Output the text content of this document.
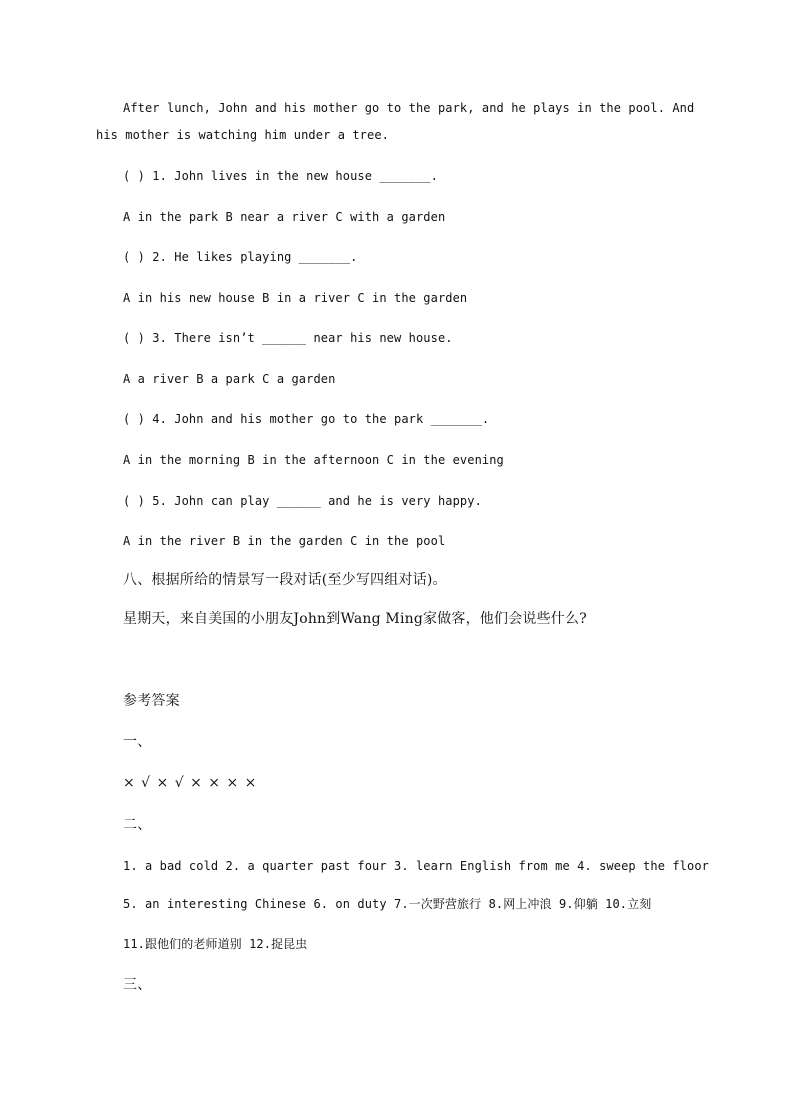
After lunch, John and his mother go to the park, and he plays in the pool. And
his mother is watching him under a tree.
( ) 1. John lives in the new house _______.
A in the park B near a river C with a garden
( ) 2. He likes playing _______.
A in his new house B in a river C in the garden
( ) 3. There isn’t ______ near his new house.
A a river B a park C a garden
( ) 4. John and his mother go to the park _______.
A in the morning B in the afternoon C in the evening
( ) 5. John can play ______ and he is very happy.
A in the river B in the garden C in the pool
八、根据所给的情景写一段对话(至少写四组对话)。
星期天，来自美国的小朋友John到Wang Ming家做客，他们会说些什么?
参考答案
一、
× √ × √ × × × ×
二、
1. a bad cold 2. a quarter past four 3. learn English from me 4. sweep the floor
5. an interesting Chinese 6. on duty 7.一次野营旅行 8.网上冲浪 9.仰躺 10.立刻
11.跟他们的老师道别 12.捉昆虫
三、
